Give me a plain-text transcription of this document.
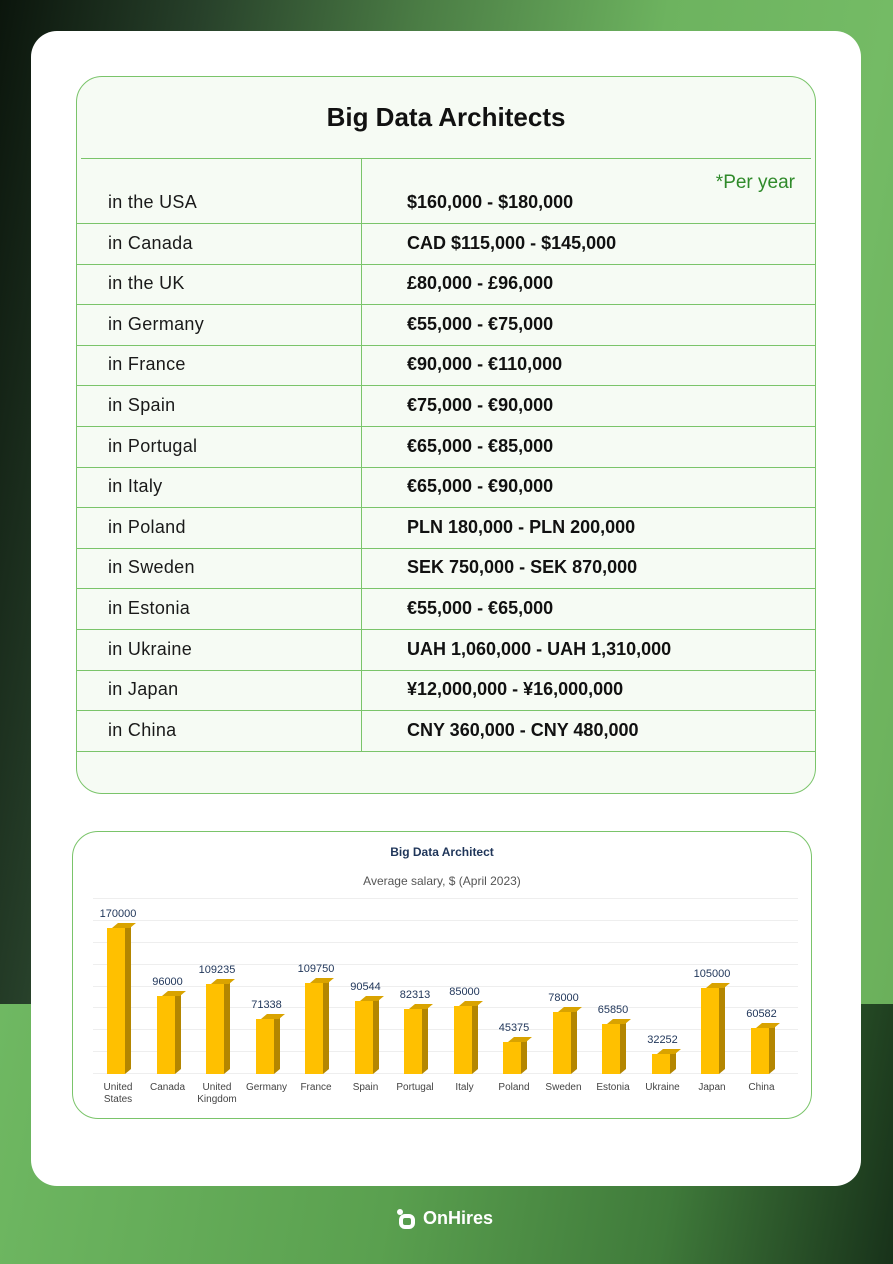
Big Data Architects
in the USA	$160,000 - $180,000
*Per year
in Canada	CAD $115,000 - $145,000
in the UK	£80,000 - £96,000
in Germany	€55,000 - €75,000
in France	€90,000 - €110,000
in Spain	€75,000 - €90,000
in Portugal	€65,000 - €85,000
in Italy	€65,000 - €90,000
in Poland	PLN 180,000 - PLN 200,000
in Sweden	SEK 750,000 - SEK 870,000
in Estonia	€55,000 - €65,000
in Ukraine	UAH 1,060,000 - UAH 1,310,000
in Japan	¥12,000,000 - ¥16,000,000
in China	CNY 360,000 - CNY 480,000
Big Data Architect
Average salary, $ (April 2023)
170000
96000
109235
71338
109750
90544
82313 85000
45375
78000
65850
32252
105000
60582
United States
Canada	United Kingdom
Germany	France	Spain	Portugal	Italy	Poland	Sweden	Estonia	Ukraine	Japan	China
OnHires
